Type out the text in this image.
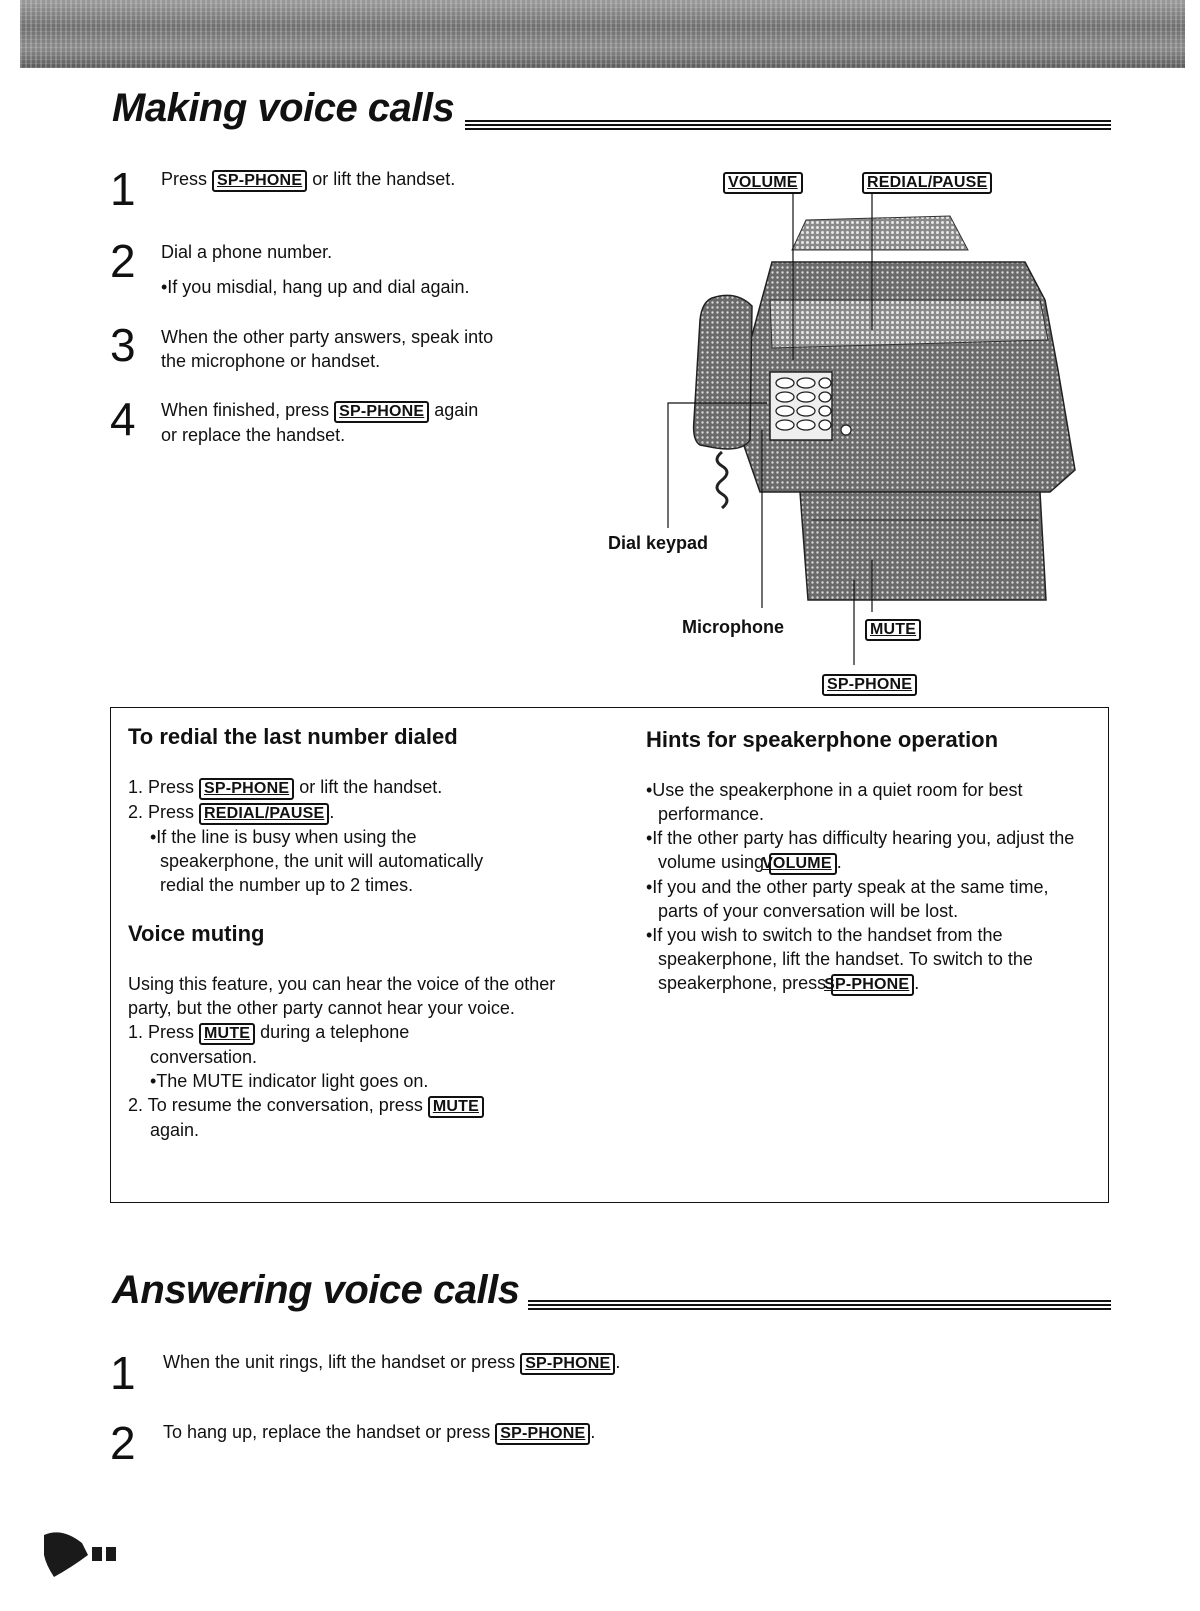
Making voice calls
1 Press SP-PHONE or lift the handset.
2 Dial a phone number.
•If you misdial, hang up and dial again.
3 When the other party answers, speak into
the microphone or handset.
4 When finished, press SP-PHONE again
or replace the handset.
VOLUME	REDIAL/PAUSE
Dial keypad
Microphone	MUTE
SP-PHONE
To redial the last number dialed

1. Press SP-PHONE or lift the handset.

2. Press REDIAL/PAUSE .

•If the line is busy when using the

speakerphone, the unit will automatically

redial the number up to 2 times.

Voice muting

Using this feature, you can hear the voice of the other party, but the other party cannot hear your voice.

1. Press MUTE during a telephone

conversation.

•The MUTE indicator light goes on.

2. To resume the conversation, press MUTE

again.

Hints for speakerphone operation

•Use the speakerphone in a quiet room for best performance.

•If the other party has difficulty hearing you, adjust the volume using VOLUME .

•If you and the other party speak at the same time, parts of your conversation will be lost.

•If you wish to switch to the handset from the speakerphone, lift the handset. To switch to the speakerphone, press SP-PHONE .

Answering voice calls
1 When the unit rings, lift the handset or press SP-PHONE .
2 To hang up, replace the handset or press SP-PHONE .
